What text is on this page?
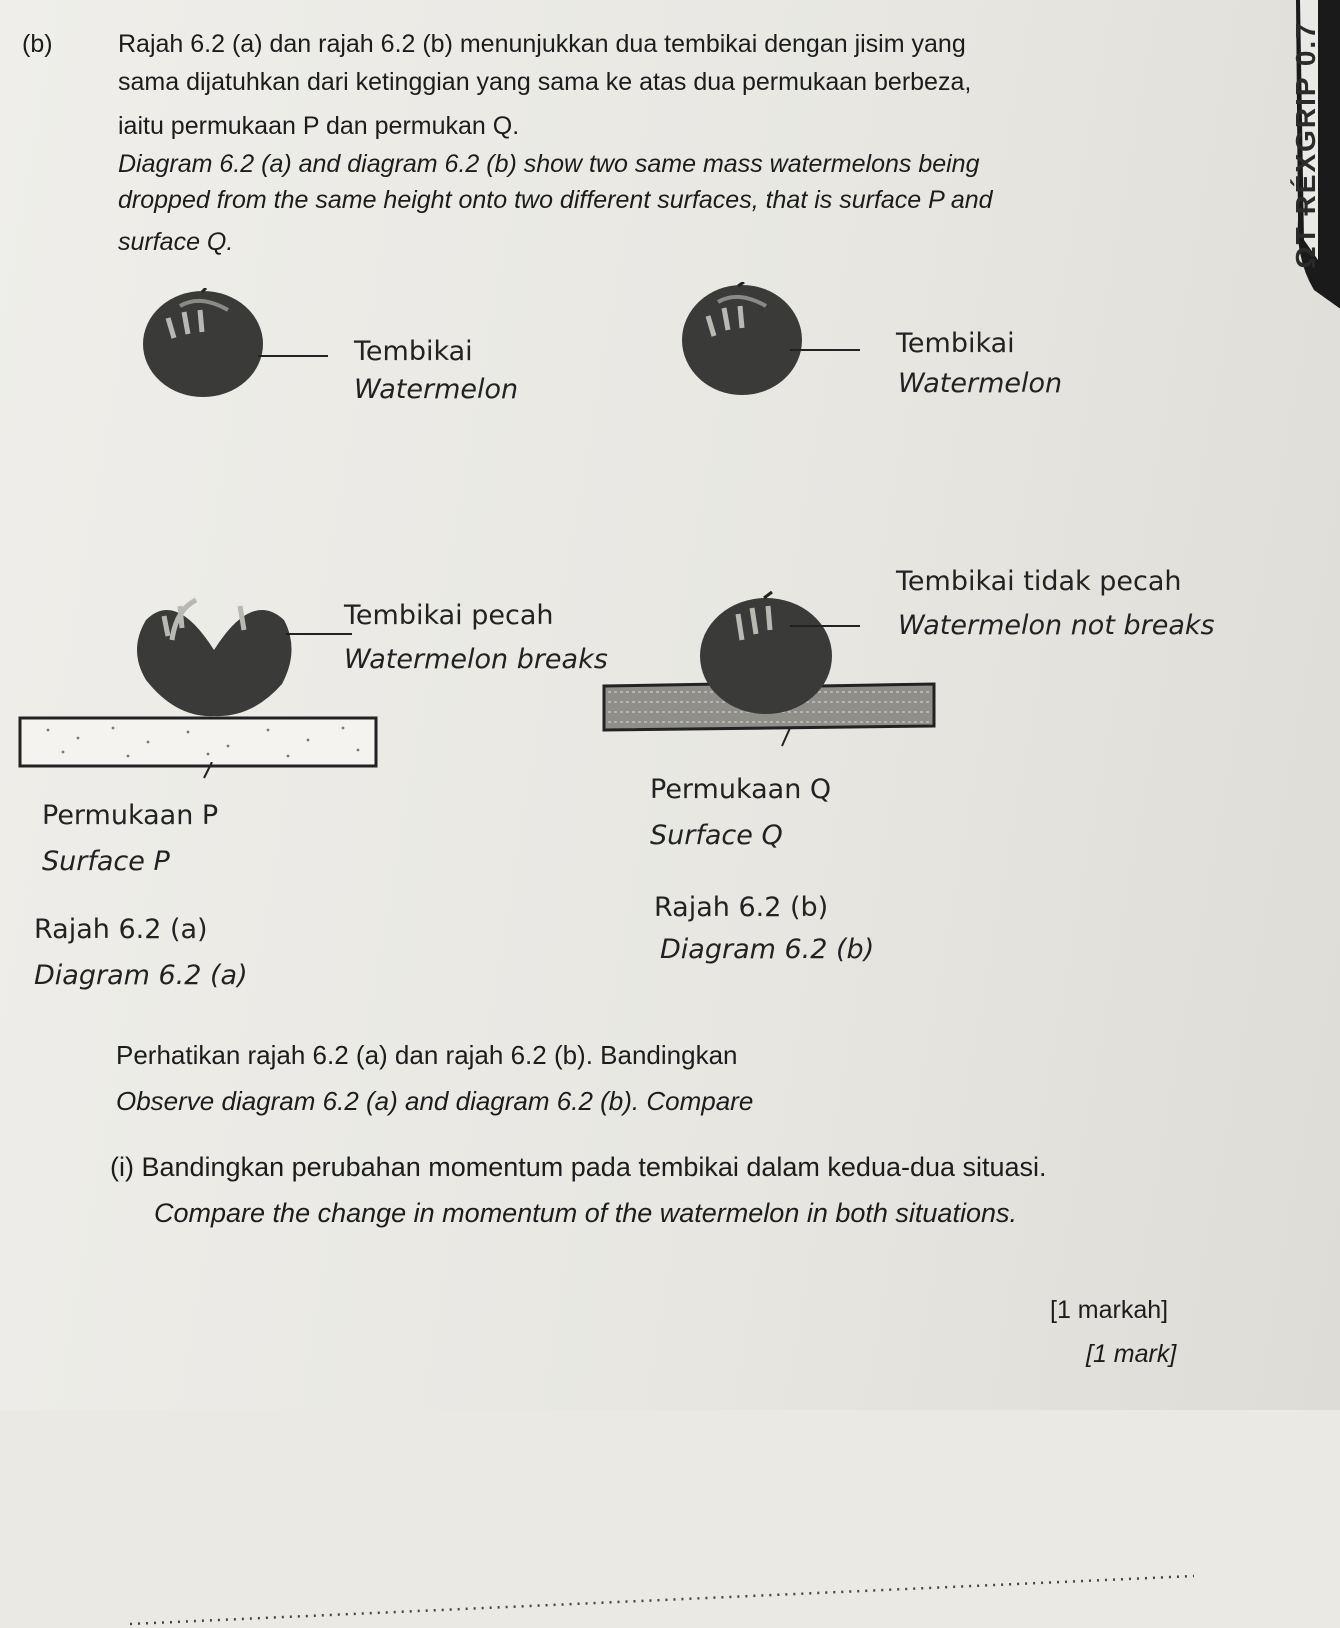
(b)	Rajah 6.2 (a) dan rajah 6.2 (b) menunjukkan dua tembikai dengan jisim yang
sama dijatuhkan dari ketinggian yang sama ke atas dua permukaan berbeza,
iaitu permukaan P dan permukan Q.
Diagram 6.2 (a) and diagram 6.2 (b) show two same mass watermelons being
dropped from the same height onto two different surfaces, that is surface P and
surface Q.	ΩT ɌÉXGRIP 0.7
Tembikai
Watermelon
Tembikai
Watermelon
Tembikai pecah
Watermelon breaks
Permukaan P
Surface P
Rajah 6.2 (a)
Diagram 6.2 (a)
Tembikai tidak pecah
Watermelon not breaks
Permukaan Q
Surface Q
Rajah 6.2 (b)
Diagram 6.2 (b)
Perhatikan rajah 6.2 (a) dan rajah 6.2 (b). Bandingkan
Observe diagram 6.2 (a) and diagram 6.2 (b). Compare
(i) Bandingkan perubahan momentum pada tembikai dalam kedua-dua situasi.
Compare the change in momentum of the watermelon in both situations.
[1 markah]
[1 mark]
